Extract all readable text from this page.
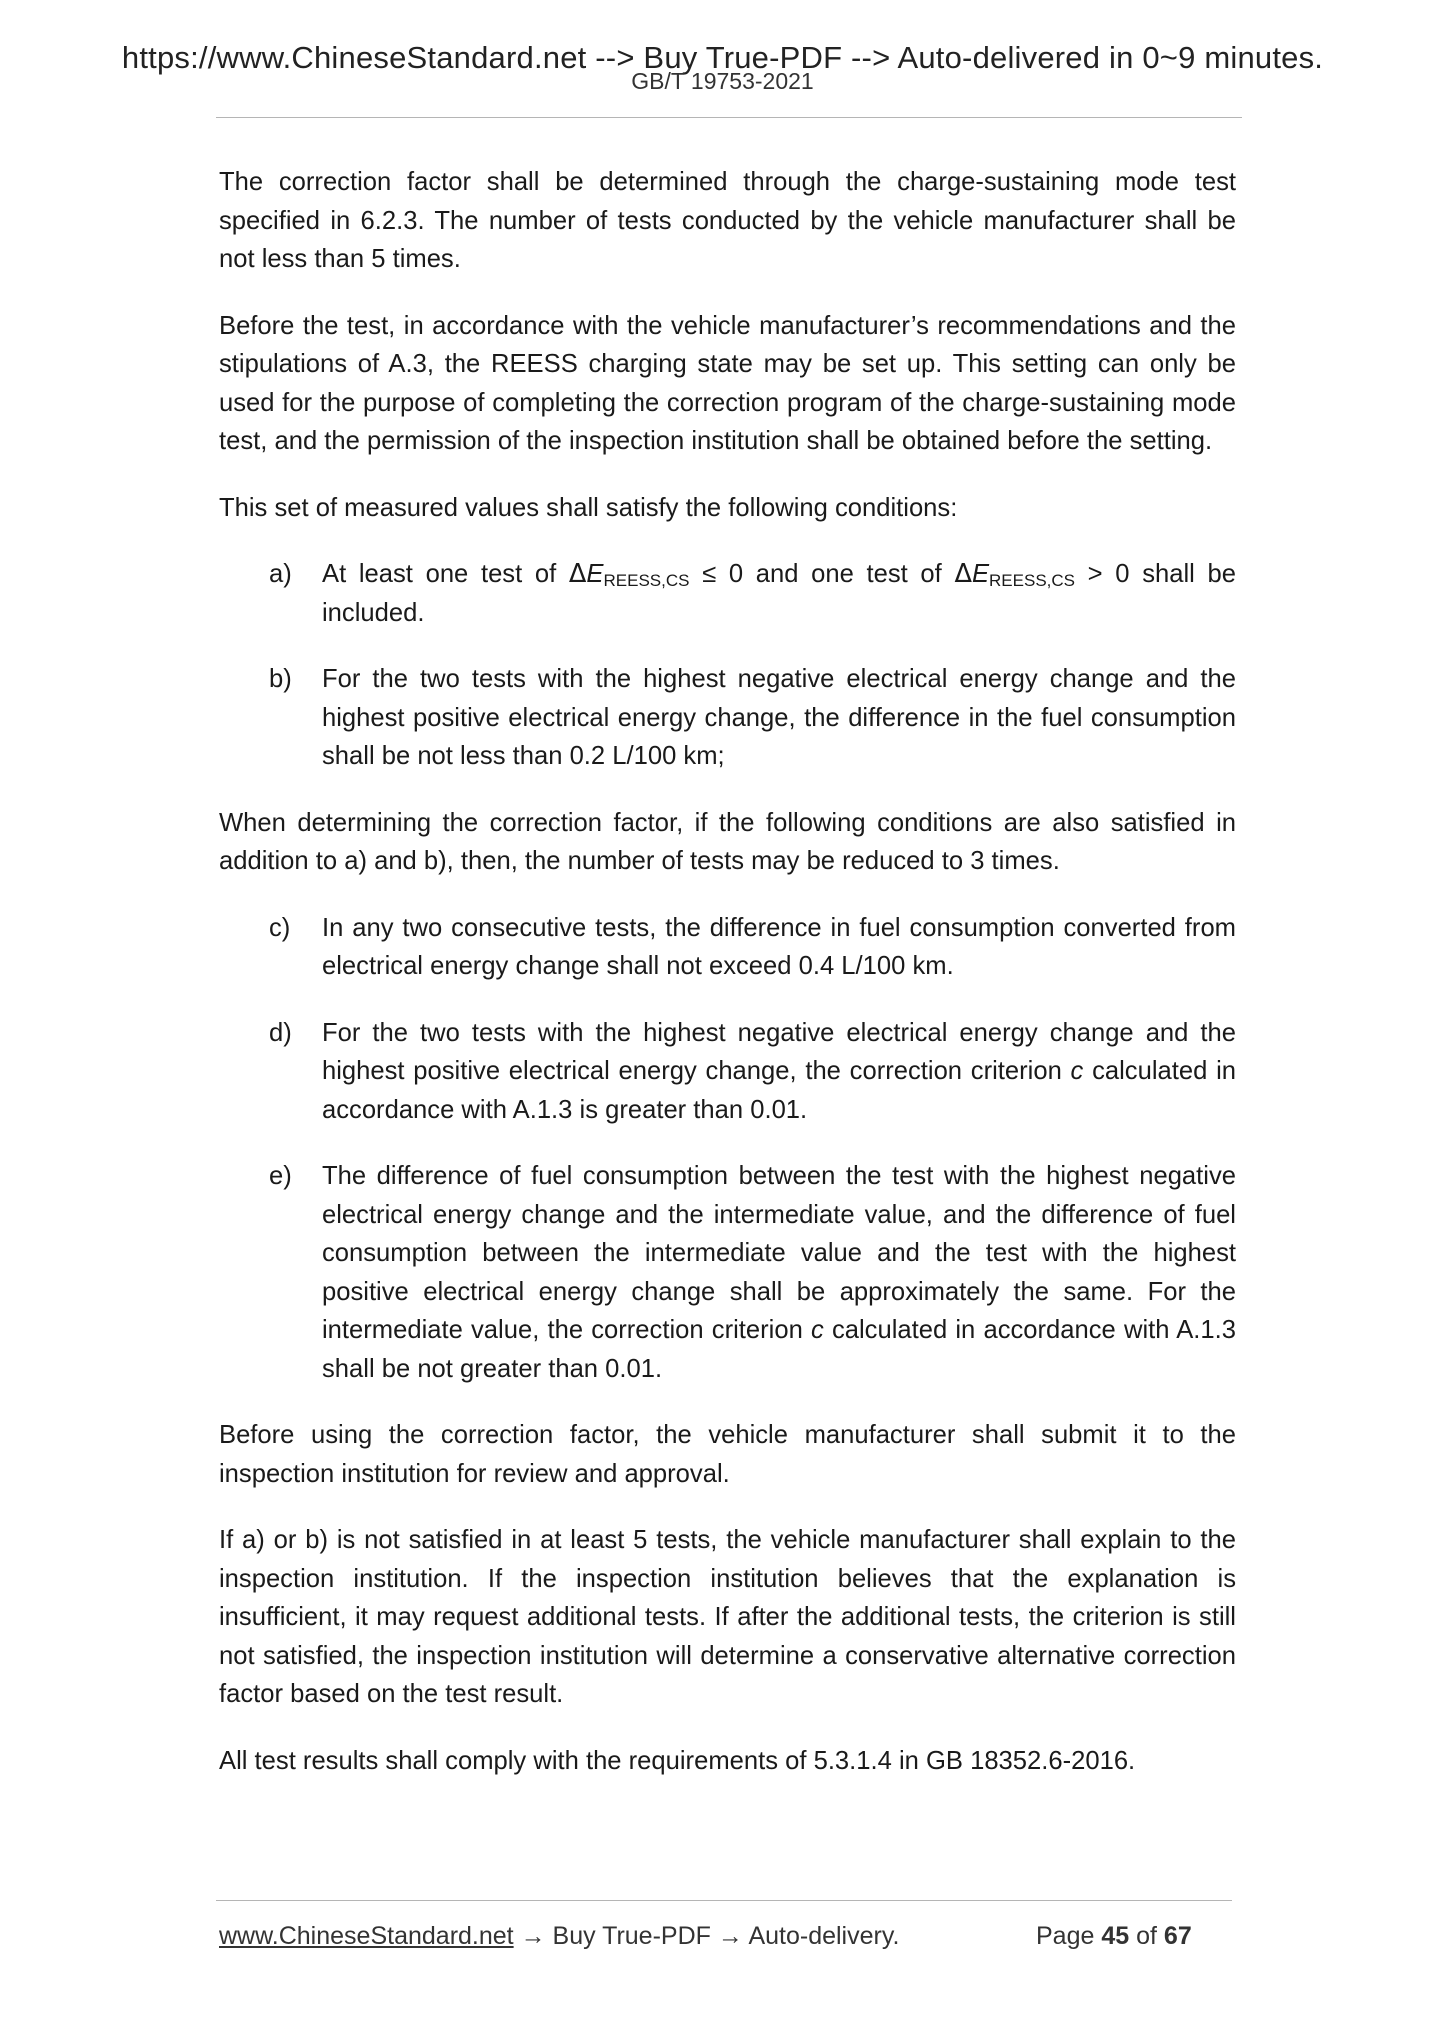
https://www.ChineseStandard.net --> Buy True-PDF --> Auto-delivered in 0~9 minutes.
GB/T 19753-2021

The correction factor shall be determined through the charge-sustaining mode test specified in 6.2.3. The number of tests conducted by the vehicle manufacturer shall be not less than 5 times.

Before the test, in accordance with the vehicle manufacturer’s recommendations and the stipulations of A.3, the REESS charging state may be set up. This setting can only be used for the purpose of completing the correction program of the charge-sustaining mode test, and the permission of the inspection institution shall be obtained before the setting.

This set of measured values shall satisfy the following conditions:

a) At least one test of $\Delta E_{REESS,CS} \le 0$ and one test of $\Delta E_{REESS,CS} > 0$ shall be included.
b) For the two tests with the highest negative electrical energy change and the highest positive electrical energy change, the difference in the fuel consumption shall be not less than 0.2 L/100 km;

When determining the correction factor, if the following conditions are also satisfied in addition to a) and b), then, the number of tests may be reduced to 3 times.

c) In any two consecutive tests, the difference in fuel consumption converted from electrical energy change shall not exceed 0.4 L/100 km.
d) For the two tests with the highest negative electrical energy change and the highest positive electrical energy change, the correction criterion c calculated in accordance with A.1.3 is greater than 0.01.
e) The difference of fuel consumption between the test with the highest negative electrical energy change and the intermediate value, and the difference of fuel consumption between the intermediate value and the test with the highest positive electrical energy change shall be approximately the same. For the intermediate value, the correction criterion c calculated in accordance with A.1.3 shall be not greater than 0.01.

Before using the correction factor, the vehicle manufacturer shall submit it to the inspection institution for review and approval.

If a) or b) is not satisfied in at least 5 tests, the vehicle manufacturer shall explain to the inspection institution. If the inspection institution believes that the explanation is insufficient, it may request additional tests. If after the additional tests, the criterion is still not satisfied, the inspection institution will determine a conservative alternative correction factor based on the test result.

All test results shall comply with the requirements of 5.3.1.4 in GB 18352.6-2016.

www.ChineseStandard.net → Buy True-PDF → Auto-delivery.	Page 45 of 67
